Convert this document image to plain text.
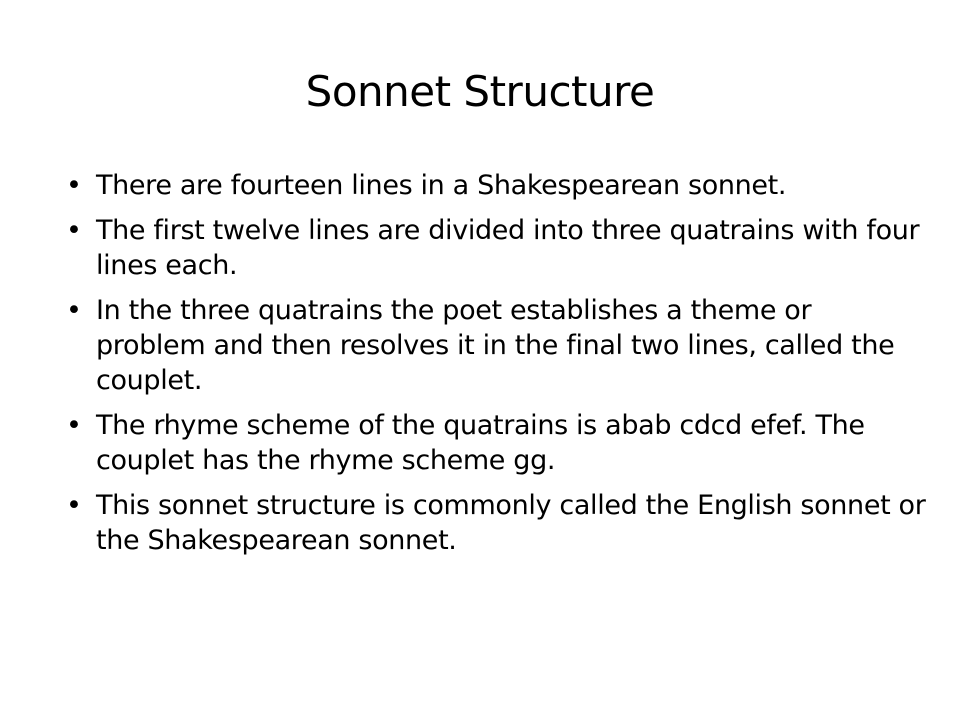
Sonnet Structure
• There are fourteen lines in a Shakespearean sonnet.
• The first twelve lines are divided into three quatrains with four lines each.
• In the three quatrains the poet establishes a theme or problem and then resolves it in the final two lines, called the couplet.
• The rhyme scheme of the quatrains is abab cdcd efef. The couplet has the rhyme scheme gg.
• This sonnet structure is commonly called the English sonnet or the Shakespearean sonnet.
